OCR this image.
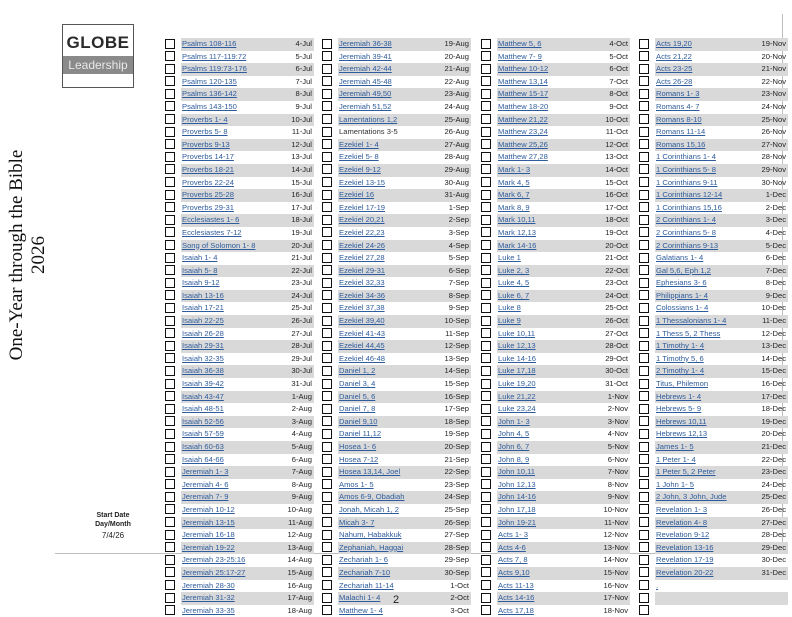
GLOBE
Leadership
One-Year through the Bible 2026
Start Date
Day/Month
7/4/26
Psalms 108-116	4-Jul
Psalms 117-119:72	5-Jul
Psalms 119:73-176	6-Jul
Psalms 120-135	7-Jul
Psalms 136-142	8-Jul
Psalms 143-150	9-Jul
Proverbs 1- 4	10-Jul
Proverbs 5- 8	11-Jul
Proverbs 9-13	12-Jul
Proverbs 14-17	13-Jul
Proverbs 18-21	14-Jul
Proverbs 22-24	15-Jul
Proverbs 25-28	16-Jul
Proverbs 29-31	17-Jul
Ecclesiastes 1- 6	18-Jul
Ecclesiastes 7-12	19-Jul
Song of Solomon 1- 8	20-Jul
Isaiah 1- 4	21-Jul
Isaiah 5- 8	22-Jul
Isaiah 9-12	23-Jul
Isaiah 13-16	24-Jul
Isaiah 17-21	25-Jul
Isaiah 22-25	26-Jul
Isaiah 26-28	27-Jul
Isaiah 29-31	28-Jul
Isaiah 32-35	29-Jul
Isaiah 36-38	30-Jul
Isaiah 39-42	31-Jul
Isaiah 43-47	1-Aug
Isaiah 48-51	2-Aug
Isaiah 52-56	3-Aug
Isaiah 57-59	4-Aug
Isaiah 60-63	5-Aug
Isaiah 64-66	6-Aug
Jeremiah 1- 3	7-Aug
Jeremiah 4- 6	8-Aug
Jeremiah 7- 9	9-Aug
Jeremiah 10-12	10-Aug
Jeremiah 13-15	11-Aug
Jeremiah 16-18	12-Aug
Jeremiah 19-22	13-Aug
Jeremiah 23-25:16	14-Aug
Jeremiah 25:17-27	15-Aug
Jeremiah 28-30	16-Aug
Jeremiah 31-32	17-Aug
Jeremiah 33-35	18-Aug
Jeremiah 36-38	19-Aug
Jeremiah 39-41	20-Aug
Jeremiah 42-44	21-Aug
Jeremiah 45-48	22-Aug
Jeremiah 49,50	23-Aug
Jeremiah 51,52	24-Aug
Lamentations 1,2	25-Aug
Lamentations 3-5	26-Aug
Ezekiel 1- 4	27-Aug
Ezekiel 5- 8	28-Aug
Ezekiel 9-12	29-Aug
Ezekiel 13-15	30-Aug
Ezekiel 16	31-Aug
Ezekiel 17-19	1-Sep
Ezekiel 20,21	2-Sep
Ezekiel 22,23	3-Sep
Ezekiel 24-26	4-Sep
Ezekiel 27,28	5-Sep
Ezekiel 29-31	6-Sep
Ezekiel 32,33	7-Sep
Ezekiel 34-36	8-Sep
Ezekiel 37,38	9-Sep
Ezekiel 39,40	10-Sep
Ezekiel 41-43	11-Sep
Ezekiel 44,45	12-Sep
Ezekiel 46-48	13-Sep
Daniel 1, 2	14-Sep
Daniel 3, 4	15-Sep
Daniel 5, 6	16-Sep
Daniel 7, 8	17-Sep
Daniel 9,10	18-Sep
Daniel 11,12	19-Sep
Hosea 1- 6	20-Sep
Hosea 7-12	21-Sep
Hosea 13,14, Joel	22-Sep
Amos 1- 5	23-Sep
Amos 6-9, Obadiah	24-Sep
Jonah, Micah 1, 2	25-Sep
Micah 3- 7	26-Sep
Nahum, Habakkuk	27-Sep
Zephaniah, Haggai	28-Sep
Zechariah 1- 6	29-Sep
Zechariah 7-10	30-Sep
Zechariah 11-14	1-Oct
Malachi 1- 4	2-Oct
Matthew 1- 4	3-Oct
Matthew 5, 6	4-Oct
Matthew 7- 9	5-Oct
Matthew 10-12	6-Oct
Matthew 13,14	7-Oct
Matthew 15-17	8-Oct
Matthew 18-20	9-Oct
Matthew 21,22	10-Oct
Matthew 23,24	11-Oct
Matthew 25,26	12-Oct
Matthew 27,28	13-Oct
Mark 1- 3	14-Oct
Mark 4, 5	15-Oct
Mark 6, 7	16-Oct
Mark 8, 9	17-Oct
Mark 10,11	18-Oct
Mark 12,13	19-Oct
Mark 14-16	20-Oct
Luke 1	21-Oct
Luke 2, 3	22-Oct
Luke 4, 5	23-Oct
Luke 6, 7	24-Oct
Luke 8	25-Oct
Luke 9	26-Oct
Luke 10,11	27-Oct
Luke 12,13	28-Oct
Luke 14-16	29-Oct
Luke 17,18	30-Oct
Luke 19,20	31-Oct
Luke 21,22	1-Nov
Luke 23,24	2-Nov
John 1- 3	3-Nov
John 4, 5	4-Nov
John 6, 7	5-Nov
John 8, 9	6-Nov
John 10,11	7-Nov
John 12,13	8-Nov
John 14-16	9-Nov
John 17,18	10-Nov
John 19-21	11-Nov
Acts 1- 3	12-Nov
Acts 4-6	13-Nov
Acts 7, 8	14-Nov
Acts 9,10	15-Nov
Acts 11-13	16-Nov
Acts 14-16	17-Nov
Acts 17,18	18-Nov
Acts 19,20	19-Nov
Acts 21,22	20-Nov
Acts 23-25	21-Nov
Acts 26-28	22-Nov
Romans 1- 3	23-Nov
Romans 4- 7	24-Nov
Romans 8-10	25-Nov
Romans 11-14	26-Nov
Romans 15,16	27-Nov
1 Corinthians 1- 4	28-Nov
1 Corinthians 5- 8	29-Nov
1 Corinthians 9-11	30-Nov
1 Corinthians 12-14	1-Dec
1 Corinthians 15,16	2-Dec
2 Corinthians 1- 4	3-Dec
2 Corinthians 5- 8	4-Dec
2 Corinthians 9-13	5-Dec
Galatians 1- 4	6-Dec
Gal 5,6, Eph 1,2	7-Dec
Ephesians 3- 6	8-Dec
Philippians 1- 4	9-Dec
Colossians 1- 4	10-Dec
1 Thessalonians 1- 4	11-Dec
1 Thess 5, 2 Thess	12-Dec
1 Timothy 1- 4	13-Dec
1 Timothy 5, 6	14-Dec
2 Timothy 1- 4	15-Dec
Titus, Philemon	16-Dec
Hebrews 1- 4	17-Dec
Hebrews 5- 9	18-Dec
Hebrews 10,11	19-Dec
Hebrews 12,13	20-Dec
James 1- 5	21-Dec
1 Peter 1- 4	22-Dec
1 Peter 5, 2 Peter	23-Dec
1 John 1- 5	24-Dec
2 John, 3 John, Jude	25-Dec
Revelation 1- 3	26-Dec
Revelation 4- 8	27-Dec
Revelation 9-12	28-Dec
Revelation 13-16	29-Dec
Revelation 17-19	30-Dec
Revelation 20-22	31-Dec
.
2
